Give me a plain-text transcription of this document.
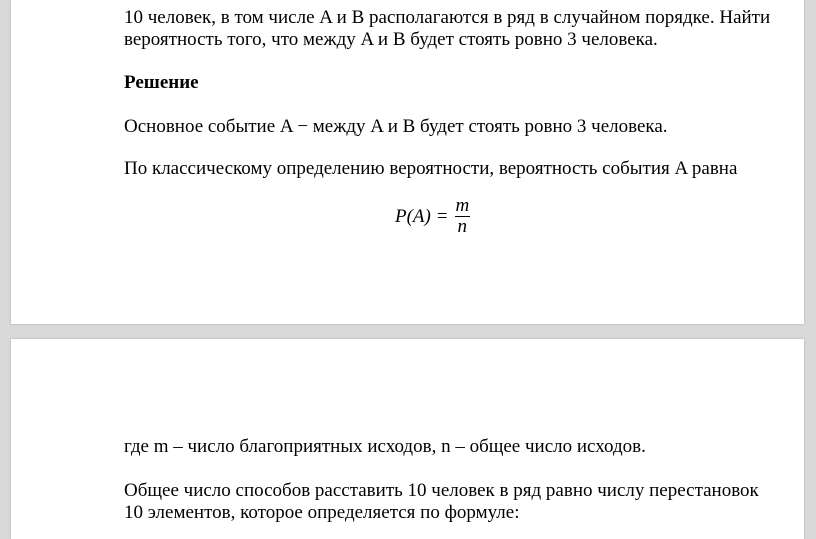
10 человек, в том числе A и B располагаются в ряд в случайном порядке. Найти
вероятность того, что между A и B будет стоять ровно 3 человека.
Решение
Основное событие A − между A и B будет стоять ровно 3 человека.
По классическому определению вероятности, вероятность события A равна
$P(A) = \frac{m}{n}$
где m – число благоприятных исходов, n – общее число исходов.
Общее число способов расставить 10 человек в ряд равно числу перестановок
10 элементов, которое определяется по формуле:
